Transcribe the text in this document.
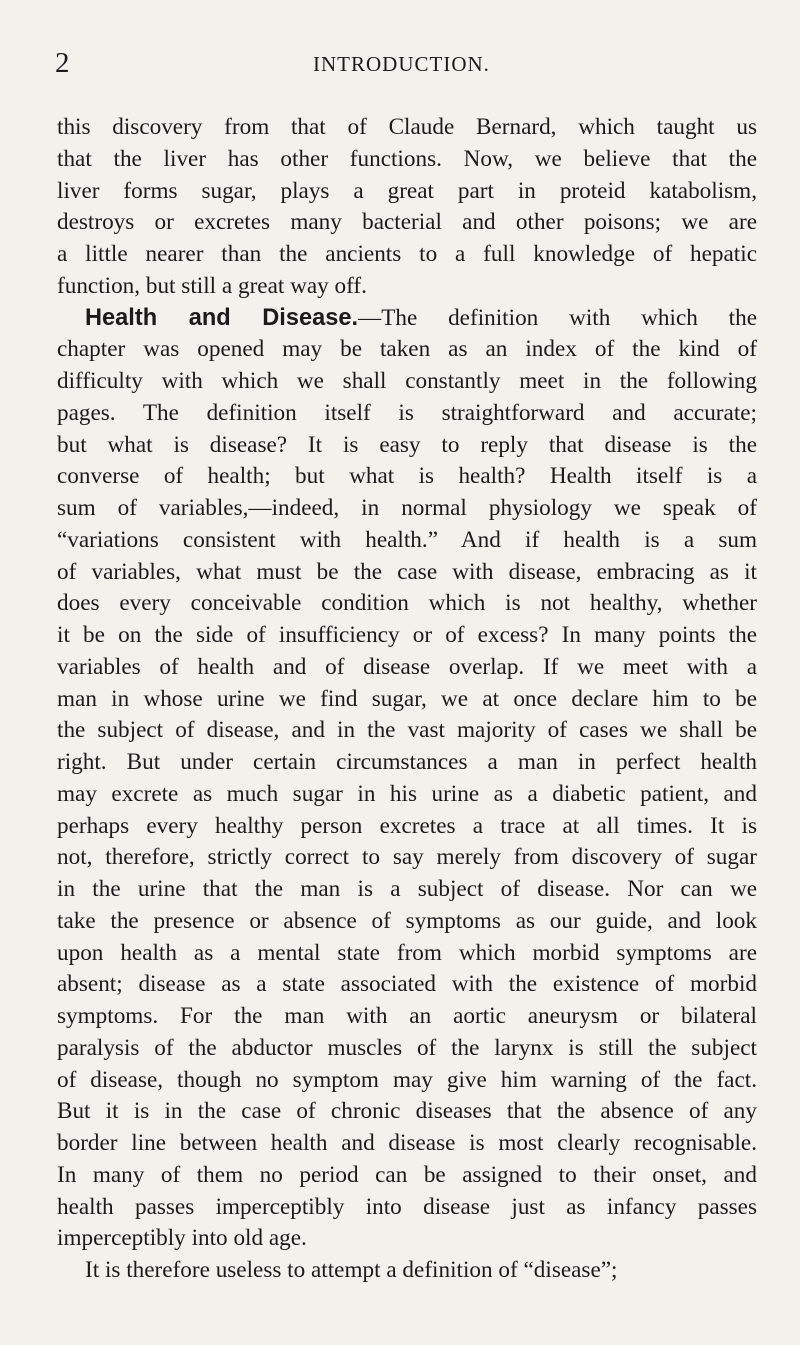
2	INTRODUCTION.
this discovery from that of Claude Bernard, which taught us
that the liver has other functions. Now, we believe that the
liver forms sugar, plays a great part in proteid katabolism,
destroys or excretes many bacterial and other poisons; we are
a little nearer than the ancients to a full knowledge of hepatic
function, but still a great way off.
Health and Disease.—The definition with which the
chapter was opened may be taken as an index of the kind of
difficulty with which we shall constantly meet in the following
pages. The definition itself is straightforward and accurate;
but what is disease? It is easy to reply that disease is the
converse of health; but what is health? Health itself is a
sum of variables,—indeed, in normal physiology we speak of
“variations consistent with health.” And if health is a sum
of variables, what must be the case with disease, embracing as it
does every conceivable condition which is not healthy, whether
it be on the side of insufficiency or of excess? In many points the
variables of health and of disease overlap. If we meet with a
man in whose urine we find sugar, we at once declare him to be
the subject of disease, and in the vast majority of cases we shall be
right. But under certain circumstances a man in perfect health
may excrete as much sugar in his urine as a diabetic patient, and
perhaps every healthy person excretes a trace at all times. It is
not, therefore, strictly correct to say merely from discovery of sugar
in the urine that the man is a subject of disease. Nor can we
take the presence or absence of symptoms as our guide, and look
upon health as a mental state from which morbid symptoms are
absent; disease as a state associated with the existence of morbid
symptoms. For the man with an aortic aneurysm or bilateral
paralysis of the abductor muscles of the larynx is still the subject
of disease, though no symptom may give him warning of the fact.
But it is in the case of chronic diseases that the absence of any
border line between health and disease is most clearly recognisable.
In many of them no period can be assigned to their onset, and
health passes imperceptibly into disease just as infancy passes
imperceptibly into old age.
It is therefore useless to attempt a definition of “disease”;
